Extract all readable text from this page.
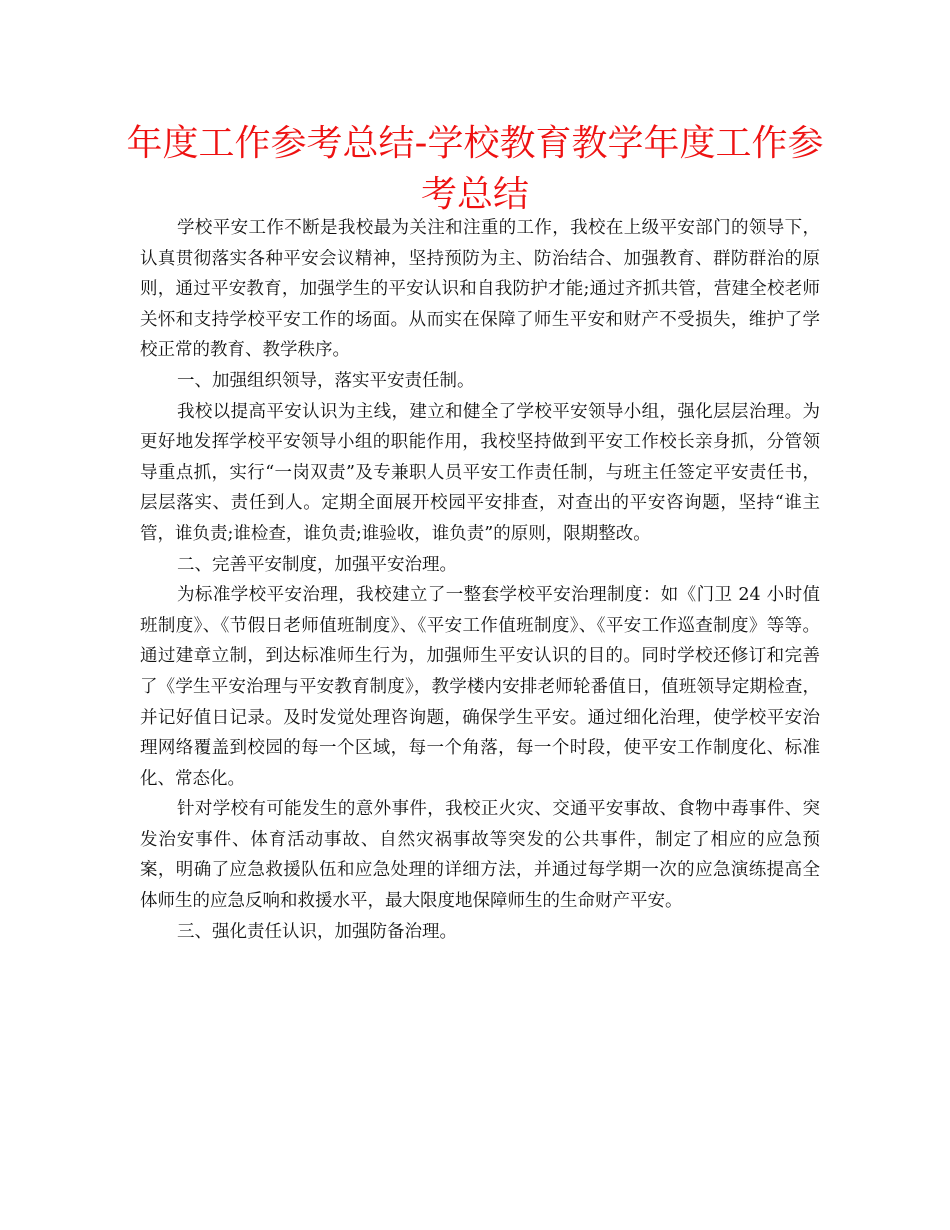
年度工作参考总结-学校教育教学年度工作参考总结

学校平安工作不断是我校最为关注和注重的工作，我校在上级平安部门的领导下，认真贯彻落实各种平安会议精神，坚持预防为主、防治结合、加强教育、群防群治的原则，通过平安教育，加强学生的平安认识和自我防护才能;通过齐抓共管，营建全校老师关怀和支持学校平安工作的场面。从而实在保障了师生平安和财产不受损失，维护了学校正常的教育、教学秩序。

一、加强组织领导，落实平安责任制。

我校以提高平安认识为主线，建立和健全了学校平安领导小组，强化层层治理。为更好地发挥学校平安领导小组的职能作用，我校坚持做到平安工作校长亲身抓，分管领导重点抓，实行“一岗双责”及专兼职人员平安工作责任制，与班主任签定平安责任书，层层落实、责任到人。定期全面展开校园平安排查，对查出的平安咨询题，坚持“谁主管，谁负责;谁检查，谁负责;谁验收，谁负责”的原则，限期整改。

二、完善平安制度，加强平安治理。

为标准学校平安治理，我校建立了一整套学校平安治理制度：如《门卫 24 小时值班制度》、《节假日老师值班制度》、《平安工作值班制度》、《平安工作巡查制度》等等。通过建章立制，到达标准师生行为，加强师生平安认识的目的。同时学校还修订和完善了《学生平安治理与平安教育制度》，教学楼内安排老师轮番值日，值班领导定期检查，并记好值日记录。及时发觉处理咨询题，确保学生平安。通过细化治理，使学校平安治理网络覆盖到校园的每一个区域，每一个角落，每一个时段，使平安工作制度化、标准化、常态化。

针对学校有可能发生的意外事件，我校正火灾、交通平安事故、食物中毒事件、突发治安事件、体育活动事故、自然灾祸事故等突发的公共事件，制定了相应的应急预案，明确了应急救援队伍和应急处理的详细方法，并通过每学期一次的应急演练提高全体师生的应急反响和救援水平，最大限度地保障师生的生命财产平安。

三、强化责任认识，加强防备治理。
